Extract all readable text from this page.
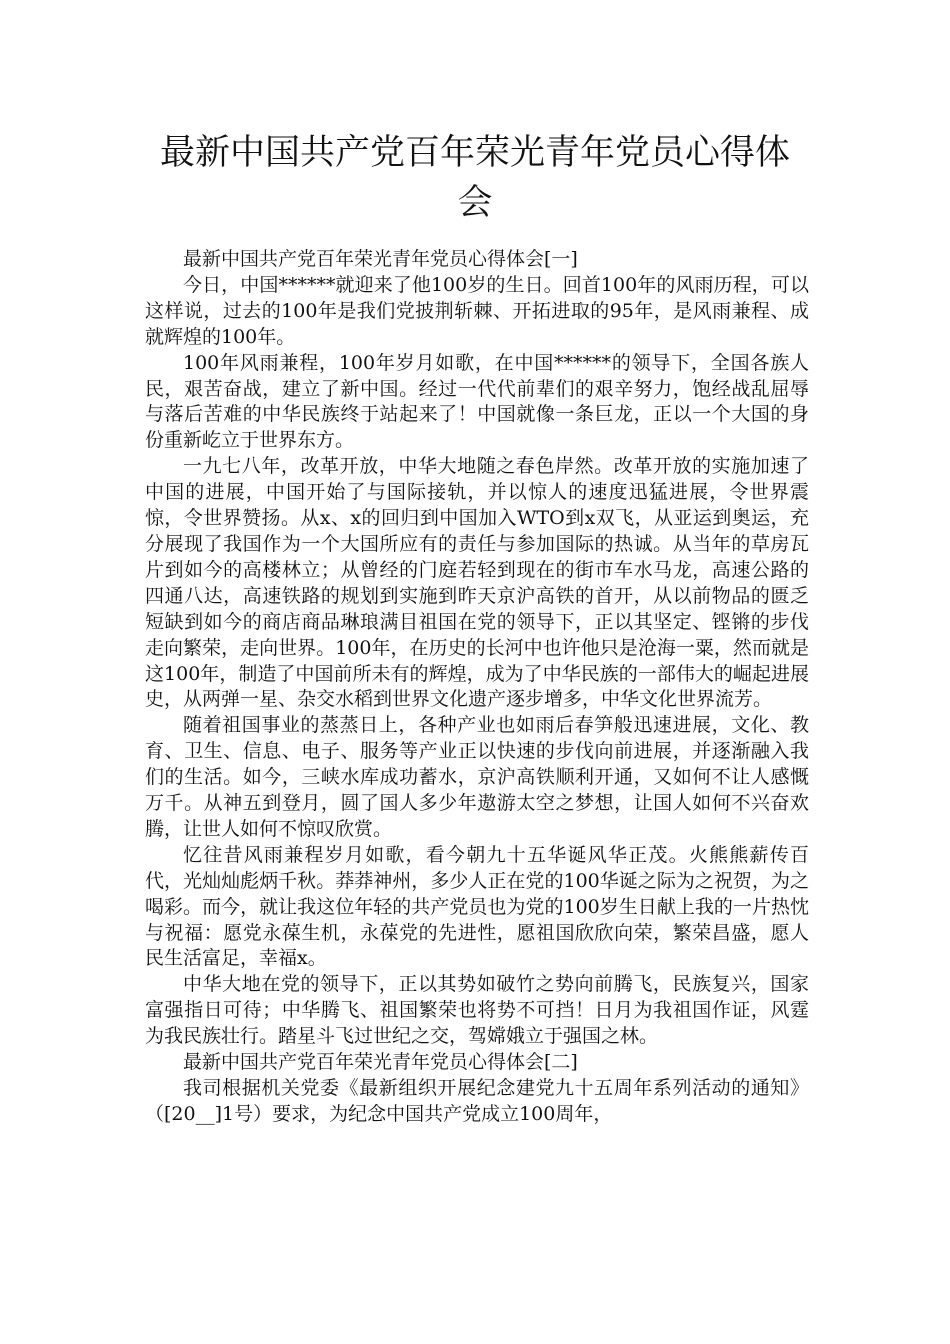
最新中国共产党百年荣光青年党员心得体会

最新中国共产党百年荣光青年党员心得体会[一]

今日，中国******就迎来了他100岁的生日。回首100年的风雨历程，可以这样说，过去的100年是我们党披荆斩棘、开拓进取的95年，是风雨兼程、成就辉煌的100年。

100年风雨兼程，100年岁月如歌，在中国******的领导下，全国各族人民，艰苦奋战，建立了新中国。经过一代代前辈们的艰辛努力，饱经战乱屈辱与落后苦难的中华民族终于站起来了！中国就像一条巨龙，正以一个大国的身份重新屹立于世界东方。

一九七八年，改革开放，中华大地随之春色岸然。改革开放的实施加速了中国的进展，中国开始了与国际接轨，并以惊人的速度迅猛进展，令世界震惊，令世界赞扬。从x、x的回归到中国加入WTO到x双飞，从亚运到奥运，充分展现了我国作为一个大国所应有的责任与参加国际的热诚。从当年的草房瓦片到如今的高楼林立；从曾经的门庭若轻到现在的街市车水马龙，高速公路的四通八达，高速铁路的规划到实施到昨天京沪高铁的首开，从以前物品的匮乏短缺到如今的商店商品琳琅满目祖国在党的领导下，正以其坚定、铿锵的步伐走向繁荣，走向世界。100年，在历史的长河中也许他只是沧海一粟，然而就是这100年，制造了中国前所未有的辉煌，成为了中华民族的一部伟大的崛起进展史，从两弹一星、杂交水稻到世界文化遗产逐步增多，中华文化世界流芳。

随着祖国事业的蒸蒸日上，各种产业也如雨后春笋般迅速进展，文化、教育、卫生、信息、电子、服务等产业正以快速的步伐向前进展，并逐渐融入我们的生活。如今，三峡水库成功蓄水，京沪高铁顺利开通，又如何不让人感慨万千。从神五到登月，圆了国人多少年遨游太空之梦想，让国人如何不兴奋欢腾，让世人如何不惊叹欣赏。

忆往昔风雨兼程岁月如歌，看今朝九十五华诞风华正茂。火熊熊薪传百代，光灿灿彪炳千秋。莽莽神州，多少人正在党的100华诞之际为之祝贺，为之喝彩。而今，就让我这位年轻的共产党员也为党的100岁生日献上我的一片热忱与祝福：愿党永葆生机，永葆党的先进性，愿祖国欣欣向荣，繁荣昌盛，愿人民生活富足，幸福x。

中华大地在党的领导下，正以其势如破竹之势向前腾飞，民族复兴，国家富强指日可待；中华腾飞、祖国繁荣也将势不可挡！日月为我祖国作证，风霆为我民族壮行。踏星斗飞过世纪之交，驾嫦娥立于强国之林。

最新中国共产党百年荣光青年党员心得体会[二]

我司根据机关党委《最新组织开展纪念建党九十五周年系列活动的通知》（[20__]1号）要求，为纪念中国共产党成立100周年，
